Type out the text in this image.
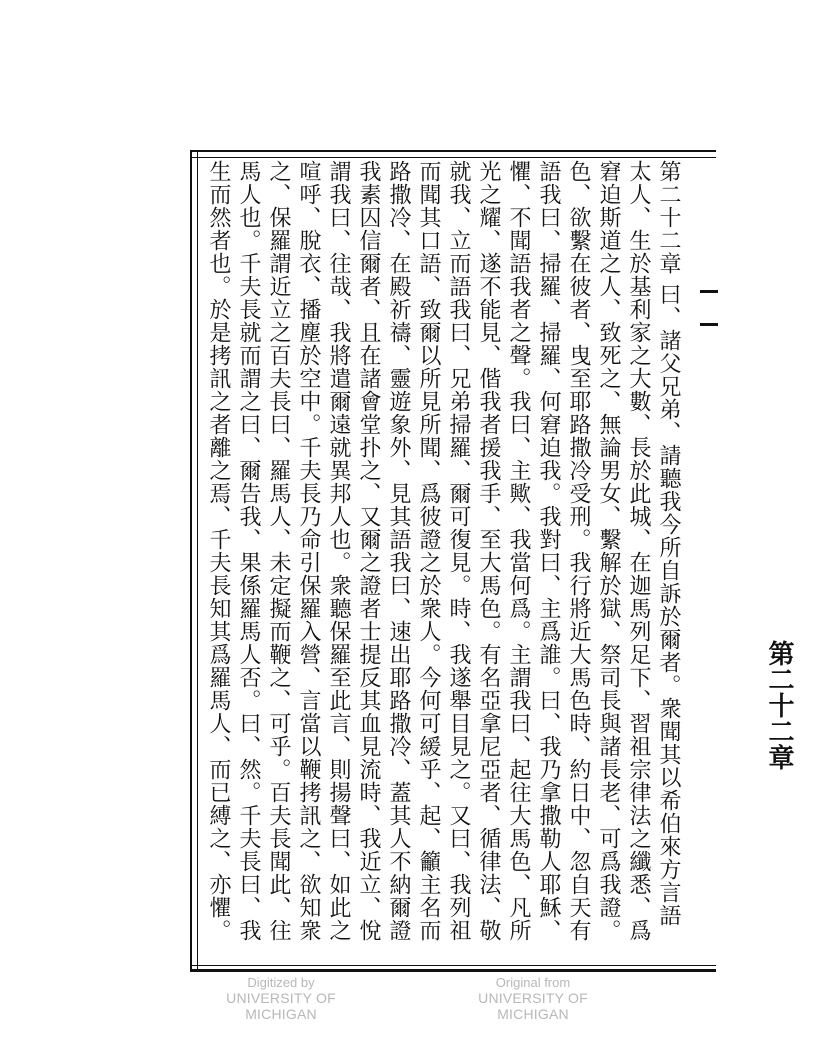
第二十二章
第二十二章 曰、諸父兄弟、請聽我今所自訴於爾者。衆聞其以希伯來方言語
太人、生於基利家之大數、長於此城、在迦馬列足下、習祖宗律法之纖悉、爲
窘迫斯道之人、致死之、無論男女、繫解於獄、祭司長與諸長老、可爲我證。
色、欲繫在彼者、曳至耶路撒冷受刑。我行將近大馬色時、約日中、忽自天有
語我曰、掃羅、掃羅、何窘迫我。我對曰、主爲誰。曰、我乃拿撒勒人耶穌、
懼、不聞語我者之聲。我曰、主歟、我當何爲。主謂我曰、起往大馬色、凡所
光之耀、遂不能見、偕我者援我手、至大馬色。有名亞拿尼亞者、循律法、敬
就我、立而語我曰、兄弟掃羅、爾可復見。時、我遂舉目見之。又曰、我列祖
而聞其口語、致爾以所見所聞、爲彼證之於衆人。今何可緩乎、起、籲主名而
路撒冷、在殿祈禱、靈遊象外、見其語我曰、速出耶路撒冷、蓋其人不納爾證
我素囚信爾者、且在諸會堂扑之、又爾之證者士提反其血見流時、我近立、悅
謂我曰、往哉、我將遣爾遠就異邦人也。衆聽保羅至此言、則揚聲曰、如此之
喧呼、脫衣、播塵於空中。千夫長乃命引保羅入營、言當以鞭拷訊之、欲知衆
之、保羅謂近立之百夫長曰、羅馬人、未定擬而鞭之、可乎。百夫長聞此、往
馬人也。千夫長就而謂之曰、爾告我、果係羅馬人否。曰、然。千夫長曰、我
生而然者也。於是拷訊之者離之焉、千夫長知其爲羅馬人、而已縛之、亦懼。
Digitized by
UNIVERSITY OF MICHIGAN
Original from
UNIVERSITY OF MICHIGAN
